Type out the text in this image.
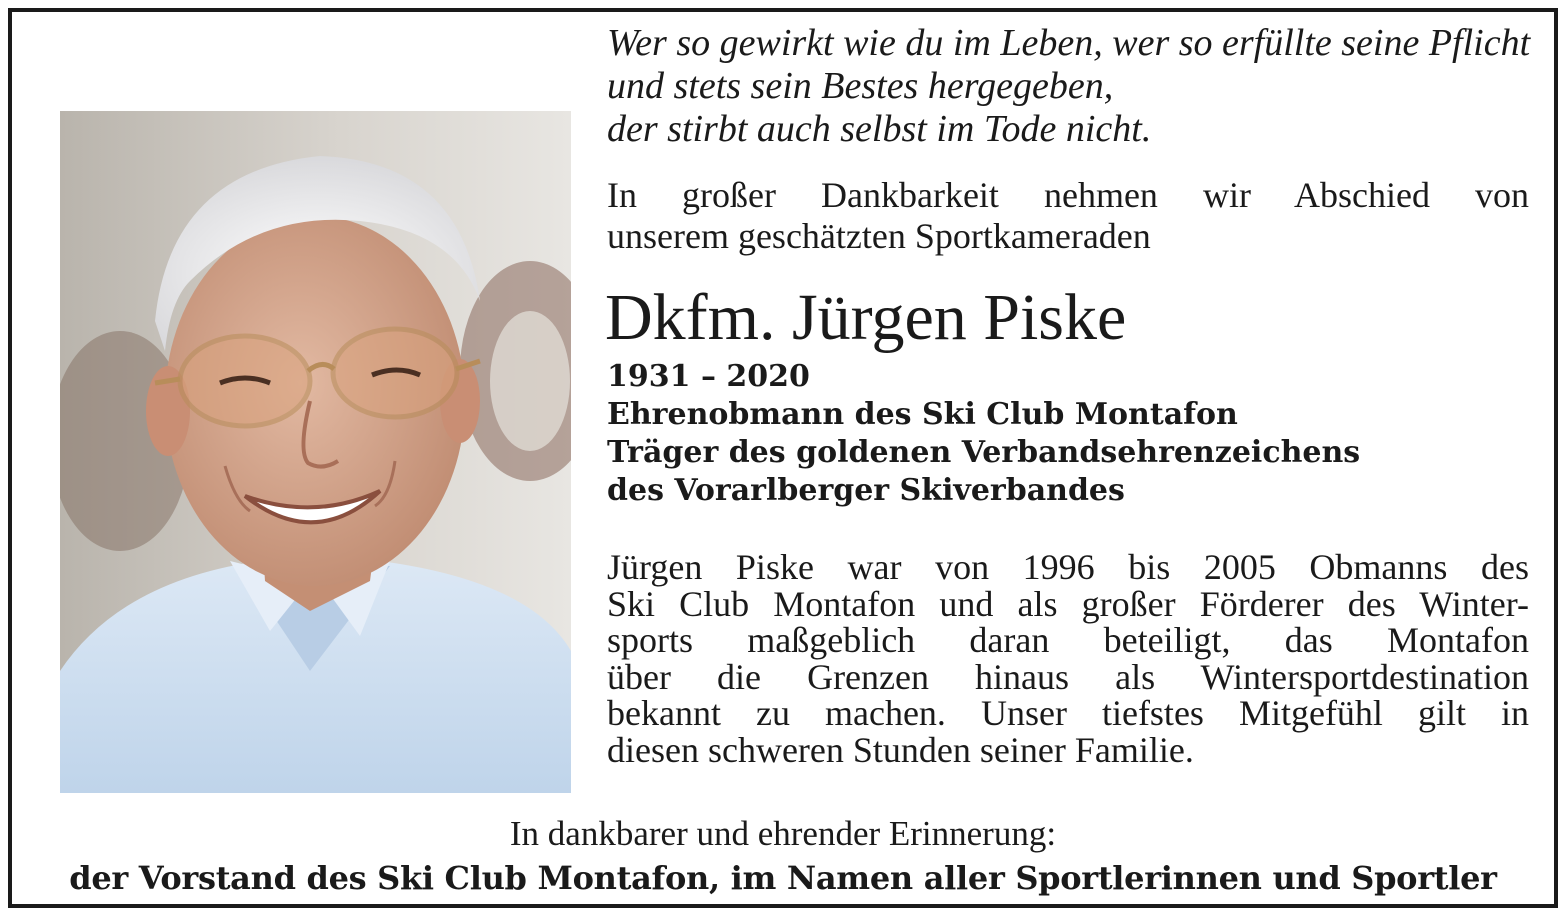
Wer so gewirkt wie du im Leben, wer so erfüllte seine Pflicht
und stets sein Bestes hergegeben,
der stirbt auch selbst im Tode nicht.

In großer Dankbarkeit nehmen wir Abschied von
unserem geschätzten Sportkameraden

Dkfm. Jürgen Piske

1931 – 2020
Ehrenobmann des Ski Club Montafon
Träger des goldenen Verbandsehrenzeichens
des Vorarlberger Skiverbandes

Jürgen Piske war von 1996 bis 2005 Obmanns des
Ski Club Montafon und als großer Förderer des Winter-
sports maßgeblich daran beteiligt, das Montafon
über die Grenzen hinaus als Wintersportdestination
bekannt zu machen. Unser tiefstes Mitgefühl gilt in
diesen schweren Stunden seiner Familie.

In dankbarer und ehrender Erinnerung:

der Vorstand des Ski Club Montafon, im Namen aller Sportlerinnen und Sportler
